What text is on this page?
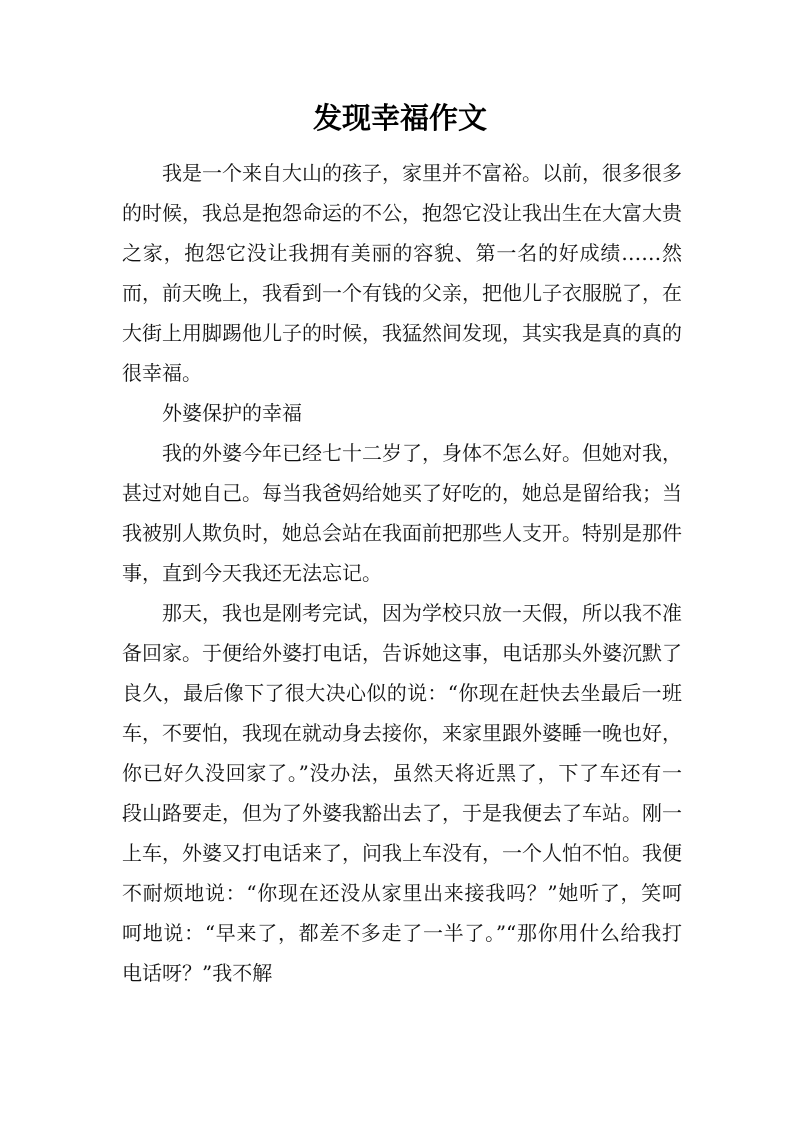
发现幸福作文

我是一个来自大山的孩子，家里并不富裕。以前，很多很多的时候，我总是抱怨命运的不公，抱怨它没让我出生在大富大贵之家，抱怨它没让我拥有美丽的容貌、第一名的好成绩……然而，前天晚上，我看到一个有钱的父亲，把他儿子衣服脱了，在大街上用脚踢他儿子的时候，我猛然间发现，其实我是真的真的很幸福。

外婆保护的幸福

我的外婆今年已经七十二岁了，身体不怎么好。但她对我，甚过对她自己。每当我爸妈给她买了好吃的，她总是留给我；当我被别人欺负时，她总会站在我面前把那些人支开。特别是那件事，直到今天我还无法忘记。

那天，我也是刚考完试，因为学校只放一天假，所以我不准备回家。于便给外婆打电话，告诉她这事，电话那头外婆沉默了良久，最后像下了很大决心似的说：“你现在赶快去坐最后一班车，不要怕，我现在就动身去接你，来家里跟外婆睡一晚也好，你已好久没回家了。”没办法，虽然天将近黑了，下了车还有一段山路要走，但为了外婆我豁出去了，于是我便去了车站。刚一上车，外婆又打电话来了，问我上车没有，一个人怕不怕。我便不耐烦地说：“你现在还没从家里出来接我吗？”她听了，笑呵呵地说：“早来了，都差不多走了一半了。”“那你用什么给我打电话呀？”我不解
